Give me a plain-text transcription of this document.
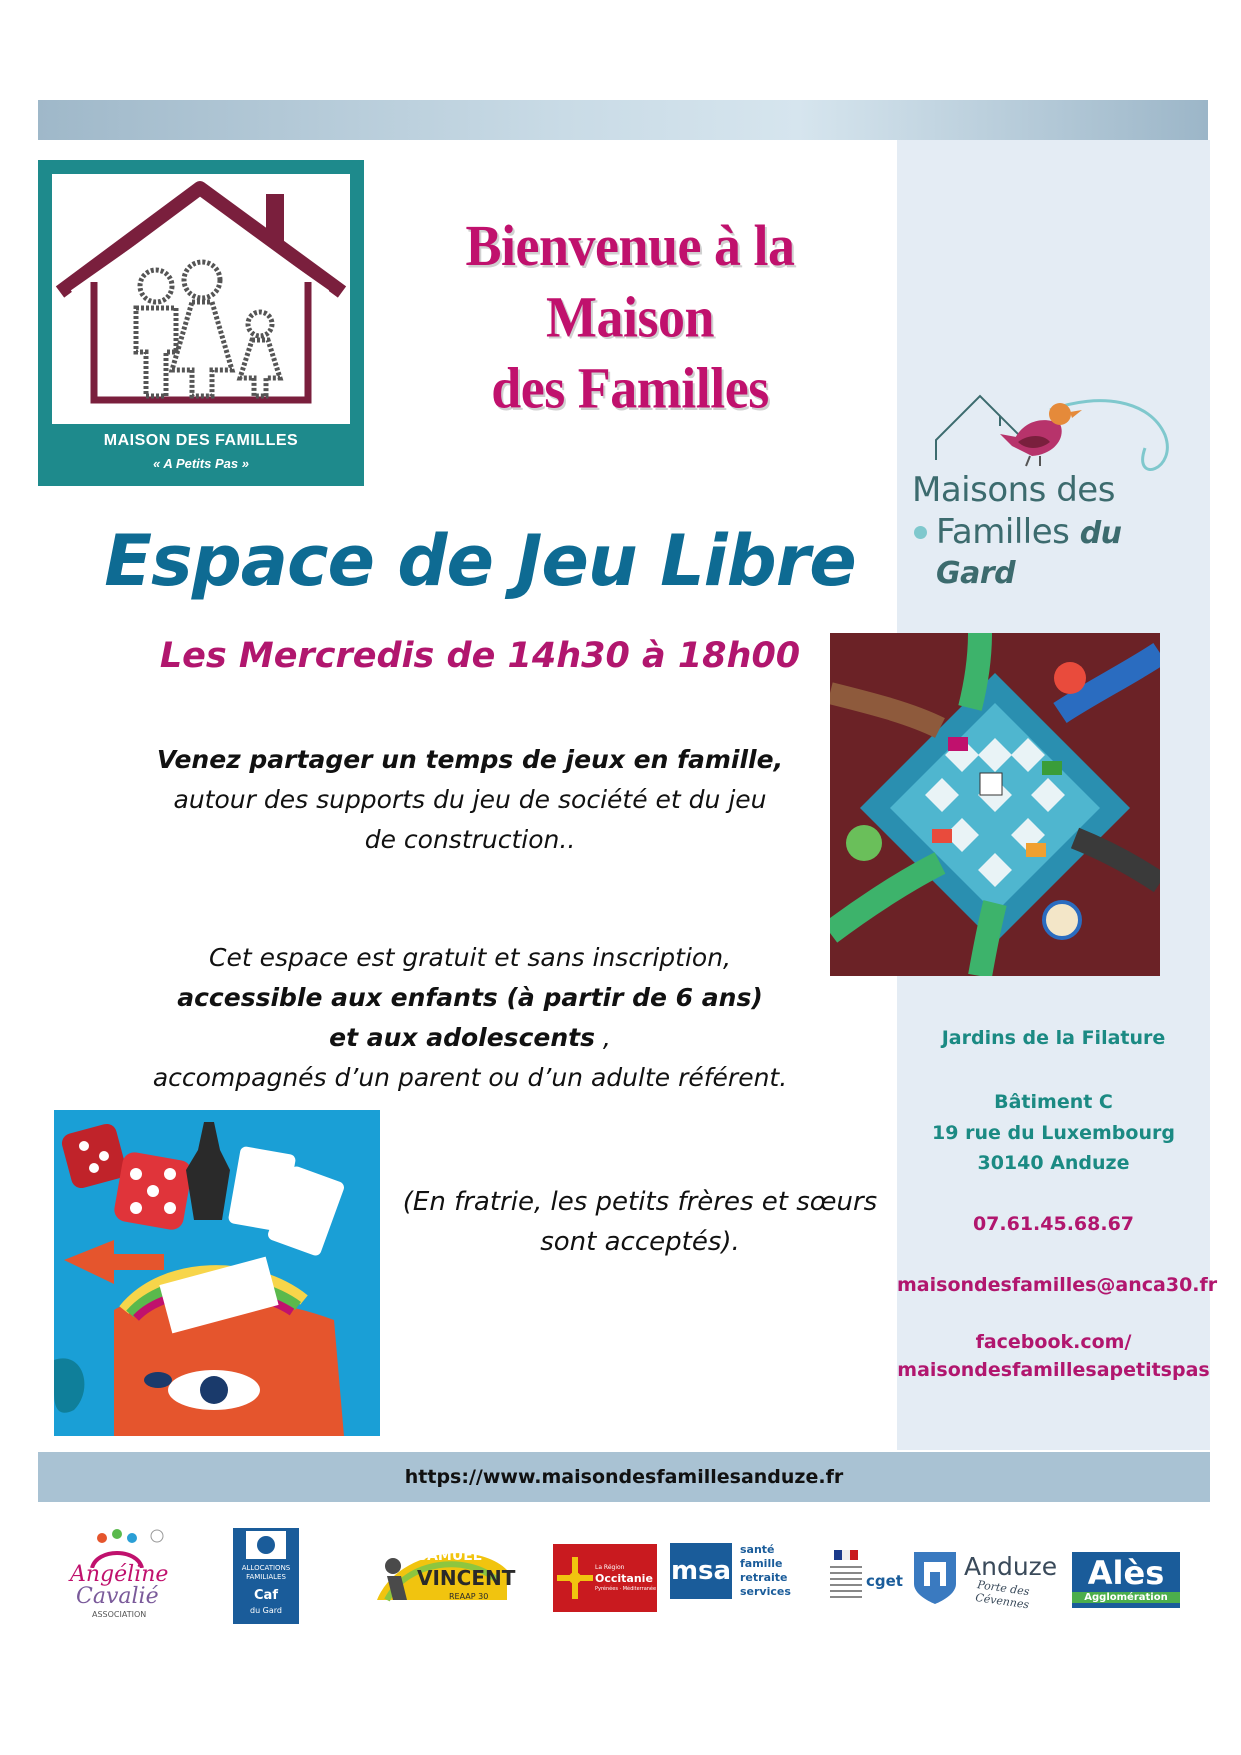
MAISON DES FAMILLES
« A Petits Pas »
Bienvenue à la Maison
des Familles
Maisons des
Familles du Gard
Espace de Jeu Libre
Les Mercredis de 14h30 à 18h00
Venez partager un temps de jeux en famille,
autour des supports du jeu de société et du jeu
de construction..
Cet espace est gratuit et sans inscription,
accessible aux enfants (à partir de 6 ans)
et aux adolescents ,
accompagnés d’un parent ou d’un adulte référent.
(En fratrie, les petits frères et sœurs
sont acceptés).
Jardins de la Filature
Bâtiment C
19 rue du Luxembourg
30140 Anduze
07.61.45.68.67
maisondesfamilles@anca30.fr
facebook.com/
maisondesfamillesapetitspas
https://www.maisondesfamillesanduze.fr
Angéline
Cavalié
ASSOCIATION
ALLOCATIONS
FAMILIALES
Caf
du Gard
SAMUEL
VINCENT
REAAP 30
La Région
Occitanie
Pyrénées · Méditerranée
msa
santé
famille
retraite
services
cget Anduze
Porte des Cévennes
Alès
Agglomération
